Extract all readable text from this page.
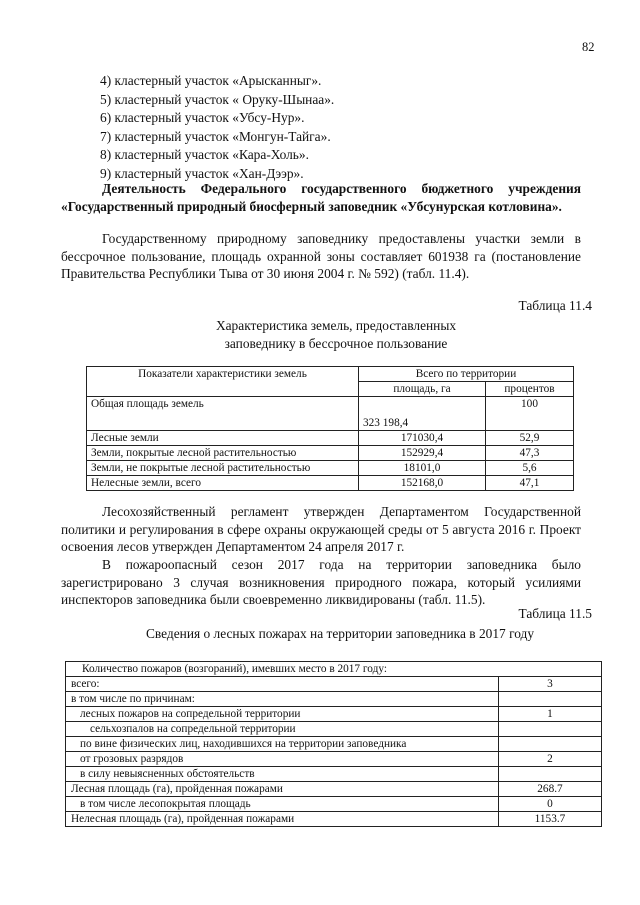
82
4) кластерный участок «Арысканныг».
5) кластерный участок « Оруку-Шынаа».
6) кластерный участок «Убсу-Нур».
7) кластерный участок «Монгун-Тайга».
8) кластерный участок «Кара-Холь».
9) кластерный участок «Хан-Дээр».
Деятельность Федерального государственного бюджетного учреждения «Государственный природный биосферный заповедник «Убсунурская котловина».
Государственному природному заповеднику предоставлены участки земли в бессрочное пользование, площадь охранной зоны составляет 601938 га (постановление Правительства Республики Тыва от 30 июня 2004 г. № 592) (табл. 11.4).
Таблица 11.4
Характеристика земель, предоставленных
заповеднику в бессрочное пользование
Показатели характеристики земель	Всего по территории	
	площадь, га	процентов
Общая площадь земель	323 198,4	100
Лесные земли	171030,4	52,9
Земли, покрытые лесной растительностью	152929,4	47,3
Земли, не покрытые лесной растительностью	18101,0	5,6
Нелесные земли, всего	152168,0	47,1
Лесохозяйственный регламент утвержден Департаментом Государственной политики и регулирования в сфере охраны окружающей среды от 5 августа 2016 г. Проект освоения лесов утвержден Департаментом 24 апреля 2017 г.
В пожароопасный сезон 2017 года на территории заповедника было зарегистрировано 3 случая возникновения природного пожара, который усилиями инспекторов заповедника были своевременно ликвидированы (табл. 11.5).
Таблица 11.5
Сведения о лесных пожарах на территории заповедника в 2017 году
Количество пожаров (возгораний), имевших место в 2017 году:	
всего:	3
в том числе по причинам:	
лесных пожаров на сопредельной территории	1
сельхозпалов на сопредельной территории	
по вине физических лиц, находившихся на территории заповедника	
от грозовых разрядов	2
в силу невыясненных обстоятельств	
Лесная площадь (га), пройденная пожарами	268.7
в том числе лесопокрытая площадь	0
Нелесная площадь (га), пройденная пожарами	1153.7
